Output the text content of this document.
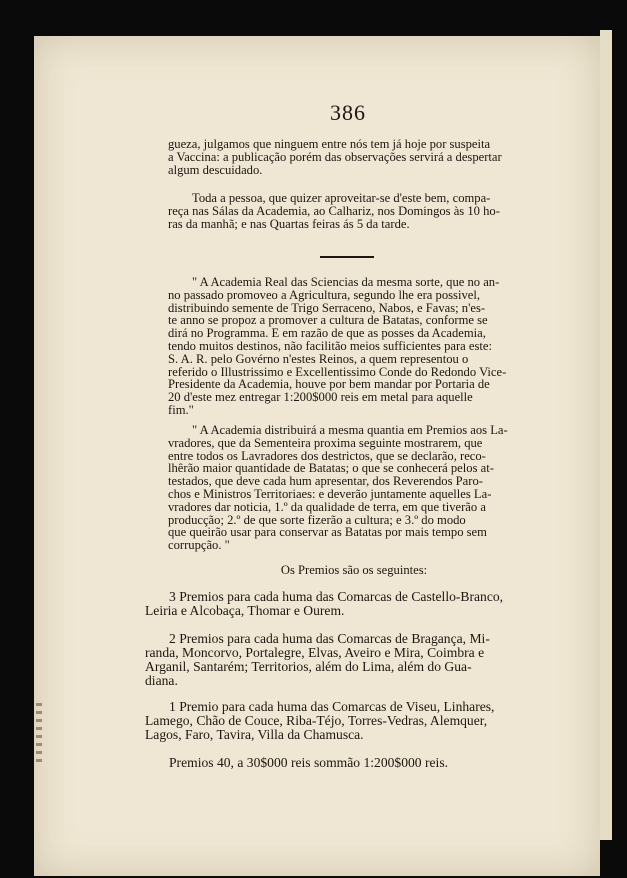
386
gueza, julgamos que ninguem entre nós tem já hoje por suspeita
a Vaccina: a publicação porém das observações servirá a despertar
algum descuidado.
Toda a pessoa, que quizer aproveitar-se d'este bem, compa-
reça nas Sálas da Academia, ao Calhariz, nos Domingos às 10 ho-
ras da manhã; e nas Quartas feiras ás 5 da tarde.
" A Academia Real das Sciencias da mesma sorte, que no an-
no passado promoveo a Agricultura, segundo lhe era possivel,
distribuindo semente de Trigo Serraceno, Nabos, e Favas; n'es-
te anno se propoz a promover a cultura de Batatas, conforme se
dirá no Programma. E em razão de que as posses da Academia,
tendo muitos destinos, não facilitão meios sufficientes para este:
S. A. R. pelo Govérno n'estes Reinos, a quem representou o
referido o Illustrissimo e Excellentissimo Conde do Redondo Vice-
Presidente da Academia, houve por bem mandar por Portaria de
20 d'este mez entregar 1:200$000 reis em metal para aquelle
fim."
" A Academia distribuirá a mesma quantia em Premios aos La-
vradores, que da Sementeira proxima seguinte mostrarem, que
entre todos os Lavradores dos destrictos, que se declarão, reco-
lhêrão maior quantidade de Batatas; o que se conhecerá pelos at-
testados, que deve cada hum apresentar, dos Reverendos Paro-
chos e Ministros Territoriaes: e deverão juntamente aquelles La-
vradores dar noticia, 1.º da qualidade de terra, em que tiverão a
producção; 2.º de que sorte fizerão a cultura; e 3.º do modo
que queirão usar para conservar as Batatas por mais tempo sem
corrupção. "
Os Premios são os seguintes:
3 Premios para cada huma das Comarcas de Castello-Branco,
Leiria e Alcobaça, Thomar e Ourem.
2 Premios para cada huma das Comarcas de Bragança, Mi-
randa, Moncorvo, Portalegre, Elvas, Aveiro e Mira, Coimbra e
Arganil, Santarém; Territorios, além do Lima, além do Gua-
diana.
1 Premio para cada huma das Comarcas de Viseu, Linhares,
Lamego, Chão de Couce, Riba-Téjo, Torres-Vedras, Alemquer,
Lagos, Faro, Tavira, Villa da Chamusca.
Premios 40, a 30$000 reis sommão 1:200$000 reis.
